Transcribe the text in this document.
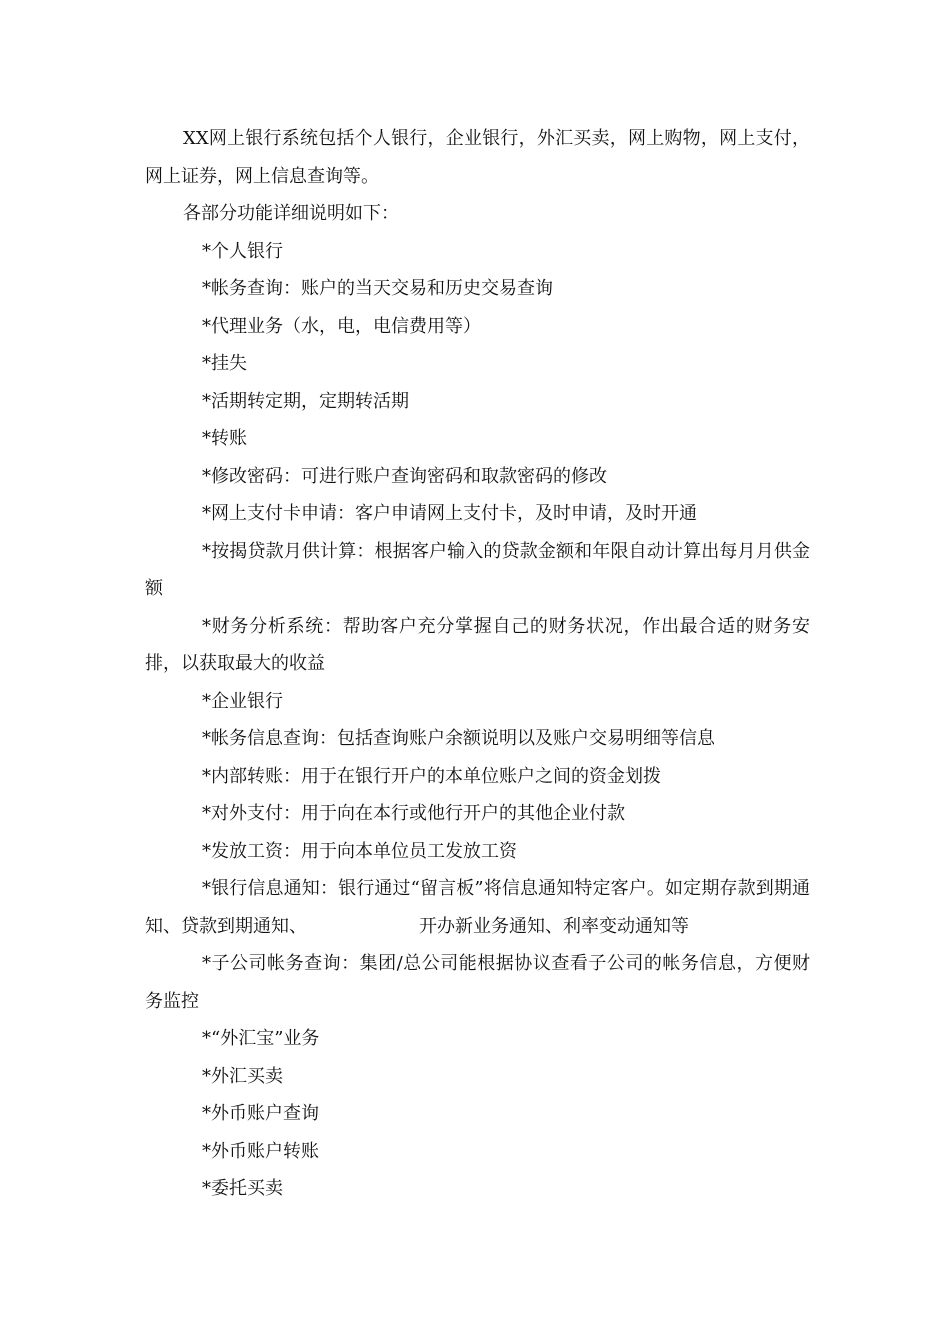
XX网上银行系统包括个人银行，企业银行，外汇买卖，网上购物，网上支付，网上证券，网上信息查询等。

各部分功能详细说明如下：

*个人银行

*帐务查询：账户的当天交易和历史交易查询

*代理业务（水，电，电信费用等）

*挂失

*活期转定期，定期转活期

*转账

*修改密码：可进行账户查询密码和取款密码的修改

*网上支付卡申请：客户申请网上支付卡，及时申请，及时开通

*按揭贷款月供计算：根据客户输入的贷款金额和年限自动计算出每月月供金额

*财务分析系统：帮助客户充分掌握自己的财务状况，作出最合适的财务安排，以获取最大的收益

*企业银行

*帐务信息查询：包括查询账户余额说明以及账户交易明细等信息

*内部转账：用于在银行开户的本单位账户之间的资金划拨

*对外支付：用于向在本行或他行开户的其他企业付款

*发放工资：用于向本单位员工发放工资

*银行信息通知：银行通过“留言板”将信息通知特定客户。如定期存款到期通知、贷款到期通知、	开办新业务通知、利率变动通知等

*子公司帐务查询：集团/总公司能根据协议查看子公司的帐务信息，方便财务监控

*“外汇宝”业务

*外汇买卖

*外币账户查询

*外币账户转账

*委托买卖
